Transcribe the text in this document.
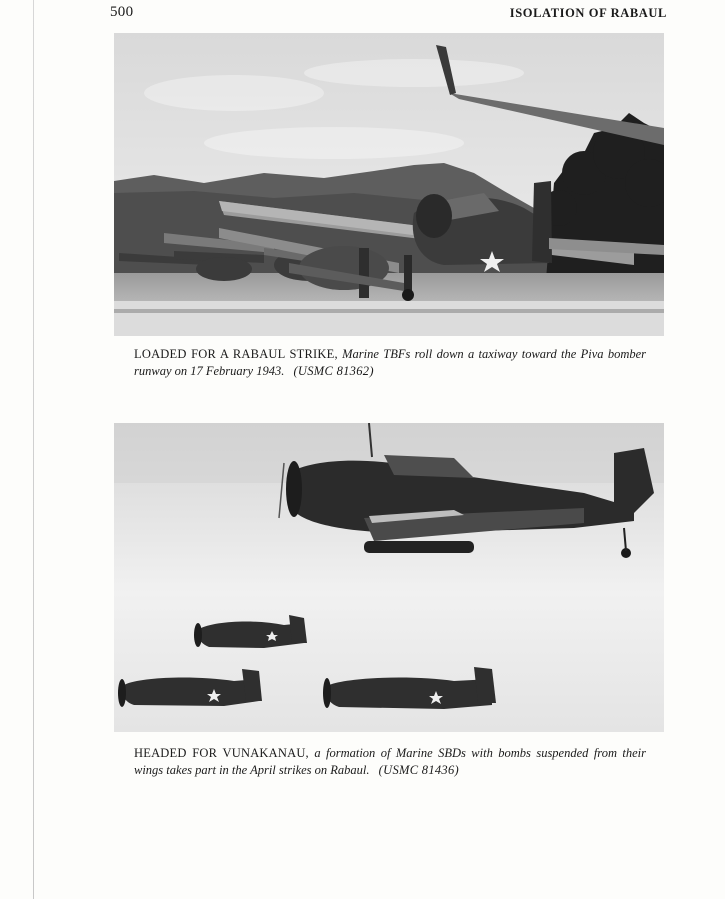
500	ISOLATION OF RABAUL
LOADED FOR A RABAUL STRIKE, Marine TBFs roll down a taxiway toward the Piva bomber runway on 17 February 1943. (USMC 81362)
HEADED FOR VUNAKANAU, a formation of Marine SBDs with bombs suspended from their wings takes part in the April strikes on Rabaul. (USMC 81436)
